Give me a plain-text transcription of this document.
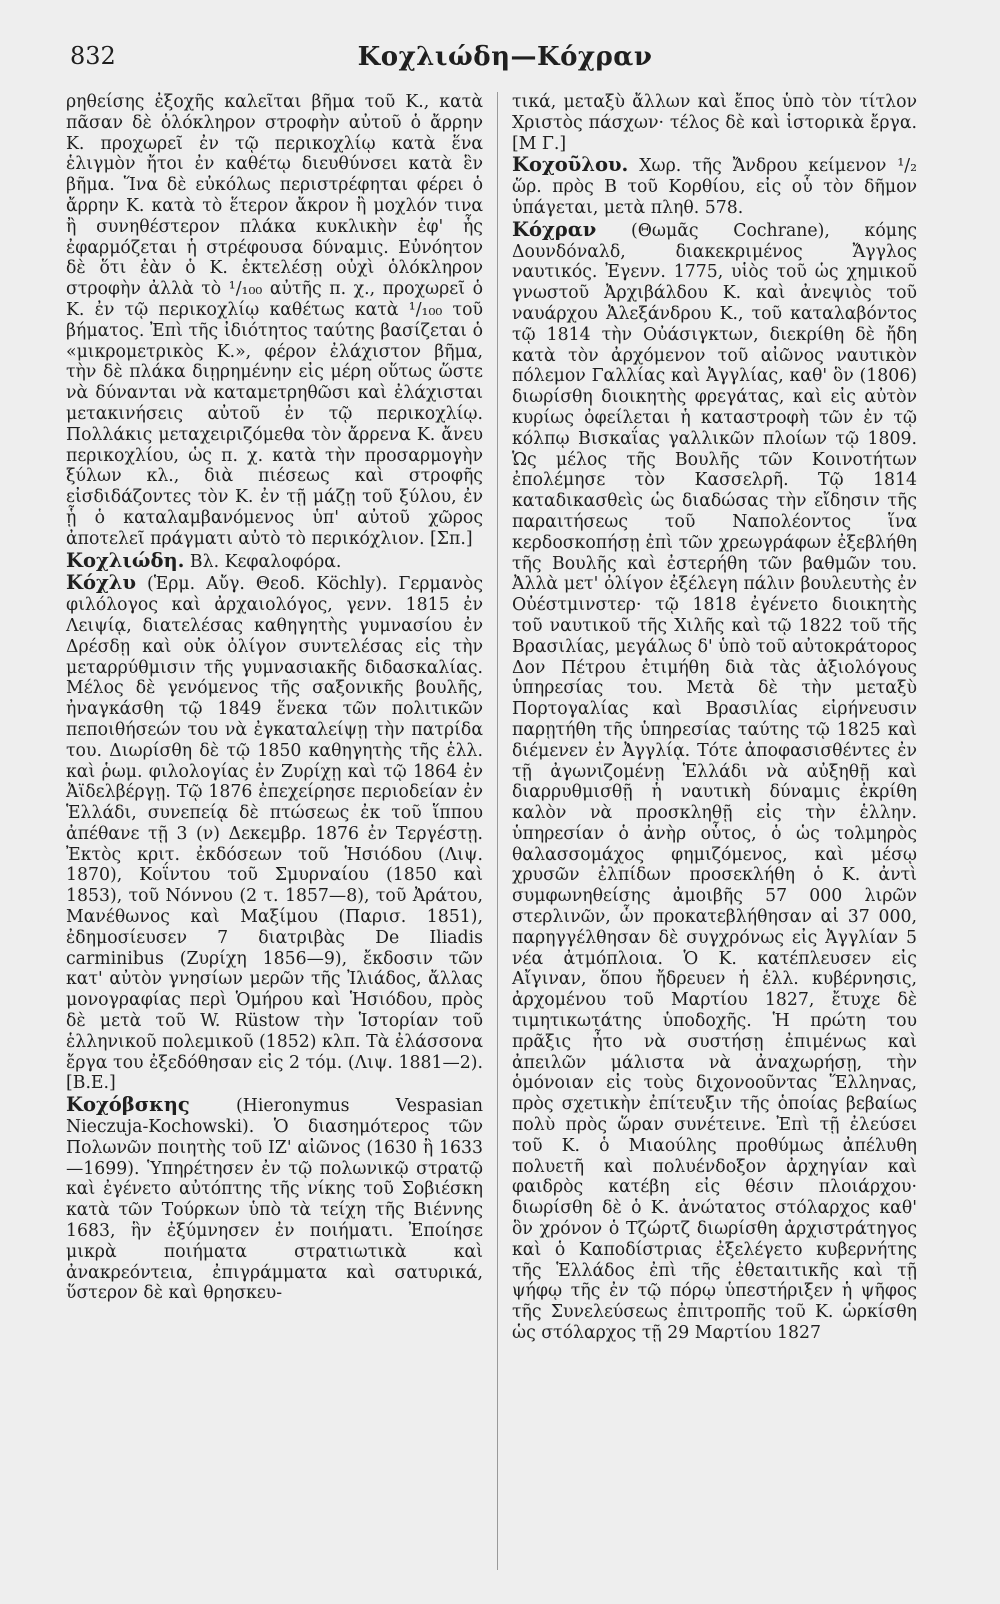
832	Κοχλιώδη—Κόχραν

ρηθείσης ἐξοχῆς καλεῖται βῆμα τοῦ Κ., κατὰ πᾶσαν δὲ ὁλόκληρον στροφὴν αὐτοῦ ὁ ἄρρην Κ. προχωρεῖ ἐν τῷ περικοχλίῳ κατὰ ἕνα ἑλιγμὸν ἤτοι ἐν καθέτῳ διευθύνσει κατὰ ἓν βῆμα. Ἵνα δὲ εὐκόλως περιστρέφηται φέρει ὁ ἄρρην Κ. κατὰ τὸ ἕτερον ἄκρον ἢ μοχλόν τινα ἢ συνηθέστερον πλάκα κυκλικὴν ἐφ' ἧς ἐφαρμόζεται ἡ στρέφουσα δύναμις. Εὐνόητον δὲ ὅτι ἐὰν ὁ Κ. ἐκτελέσῃ οὐχὶ ὁλόκληρον στροφὴν ἀλλὰ τὸ ¹/₁₀₀ αὐτῆς π. χ., προχωρεῖ ὁ Κ. ἐν τῷ περικοχλίῳ καθέτως κατὰ ¹/₁₀₀ τοῦ βήματος. Ἐπὶ τῆς ἰδιότητος ταύτης βασίζεται ὁ «μικρομετρικὸς Κ.», φέρον ἐλάχιστον βῆμα, τὴν δὲ πλάκα διῃρημένην εἰς μέρη οὕτως ὥστε νὰ δύνανται νὰ καταμετρηθῶσι καὶ ἐλάχισται μετακινήσεις αὐτοῦ ἐν τῷ περικοχλίῳ. Πολλάκις μεταχειριζόμεθα τὸν ἄρρενα Κ. ἄνευ περικοχλίου, ὡς π. χ. κατὰ τὴν προσαρμογὴν ξύλων κλ., διὰ πιέσεως καὶ στροφῆς εἰσδιδάζοντες τὸν Κ. ἐν τῇ μάζῃ τοῦ ξύλου, ἐν ᾗ ὁ καταλαμβανόμενος ὑπ' αὐτοῦ χῶρος ἀποτελεῖ πράγματι αὐτὸ τὸ περικόχλιον. [Σπ.]

Κοχλιώδη. Βλ. Κεφαλοφόρα.

Κόχλυ (Ἑρμ. Αὔγ. Θεοδ. Köchly). Γερμανὸς φιλόλογος καὶ ἀρχαιολόγος, γενν. 1815 ἐν Λειψίᾳ, διατελέσας καθηγητὴς γυμνασίου ἐν Δρέσδῃ καὶ οὐκ ὀλίγον συντελέσας εἰς τὴν μεταρρύθμισιν τῆς γυμνασιακῆς διδασκαλίας. Μέλος δὲ γενόμενος τῆς σαξονικῆς βουλῆς, ἠναγκάσθη τῷ 1849 ἕνεκα τῶν πολιτικῶν πεποιθήσεών του νὰ ἐγκαταλείψῃ τὴν πατρίδα του. Διωρίσθη δὲ τῷ 1850 καθηγητὴς τῆς ἑλλ. καὶ ῥωμ. φιλολογίας ἐν Ζυρίχῃ καὶ τῷ 1864 ἐν Ἀϊδελβέργῃ. Τῷ 1876 ἐπεχείρησε περιοδείαν ἐν Ἑλλάδι, συνεπείᾳ δὲ πτώσεως ἐκ τοῦ ἵππου ἀπέθανε τῇ 3 (ν) Δεκεμβρ. 1876 ἐν Τεργέστῃ. Ἐκτὸς κριτ. ἐκδόσεων τοῦ Ἡσιόδου (Λιψ. 1870), Κοΐντου τοῦ Σμυρναίου (1850 καὶ 1853), τοῦ Νόννου (2 τ. 1857—8), τοῦ Ἀράτου, Μανέθωνος καὶ Μαξίμου (Παρισ. 1851), ἐδημοσίευσεν 7 διατριβὰς De Iliadis carminibus (Ζυρίχη 1856—9), ἔκδοσιν τῶν κατ' αὐτὸν γνησίων μερῶν τῆς Ἰλιάδος, ἄλλας μονογραφίας περὶ Ὁμήρου καὶ Ἡσιόδου, πρὸς δὲ μετὰ τοῦ W. Rüstow τὴν Ἱστορίαν τοῦ ἑλληνικοῦ πολεμικοῦ (1852) κλπ. Τὰ ἐλάσσονα ἔργα του ἐξεδόθησαν εἰς 2 τόμ. (Λιψ. 1881—2). [Β.Ε.]

Κοχόβσκης (Hieronymus Vespasian Nieczuja-Kochowski). Ὁ διασημότερος τῶν Πολωνῶν ποιητὴς τοῦ ΙΖ' αἰῶνος (1630 ἢ 1633—1699). Ὑπηρέτησεν ἐν τῷ πολωνικῷ στρατῷ καὶ ἐγένετο αὐτόπτης τῆς νίκης τοῦ Σοβιέσκη κατὰ τῶν Τούρκων ὑπὸ τὰ τείχη τῆς Βιέννης 1683, ἣν ἐξύμνησεν ἐν ποιήματι. Ἐποίησε μικρὰ ποιήματα στρατιωτικὰ καὶ ἀνακρεόντεια, ἐπιγράμματα καὶ σατυρικά, ὕστερον δὲ καὶ θρησκευ-

τικά, μεταξὺ ἄλλων καὶ ἔπος ὑπὸ τὸν τίτλον Χριστὸς πάσχων· τέλος δὲ καὶ ἱστορικὰ ἔργα. [Μ Γ.]

Κοχοῦλου. Χωρ. τῆς Ἄνδρου κείμενον ¹/₂ ὥρ. πρὸς Β τοῦ Κορθίου, εἰς οὗ τὸν δῆμον ὑπάγεται, μετὰ πληθ. 578.

Κόχραν (Θωμᾶς Cochrane), κόμης Δουνδόναλδ, διακεκριμένος Ἄγγλος ναυτικός. Ἐγενν. 1775, υἱὸς τοῦ ὡς χημικοῦ γνωστοῦ Ἀρχιβάλδου Κ. καὶ ἀνεψιὸς τοῦ ναυάρχου Ἀλεξάνδρου Κ., τοῦ καταλαβόντος τῷ 1814 τὴν Οὐάσιγκτων, διεκρίθη δὲ ἤδη κατὰ τὸν ἀρχόμενον τοῦ αἰῶνος ναυτικὸν πόλεμον Γαλλίας καὶ Ἀγγλίας, καθ' ὃν (1806) διωρίσθη διοικητὴς φρεγάτας, καὶ εἰς αὐτὸν κυρίως ὀφείλεται ἡ καταστροφὴ τῶν ἐν τῷ κόλπῳ Βισκαΐας γαλλικῶν πλοίων τῷ 1809. Ὡς μέλος τῆς Βουλῆς τῶν Κοινοτήτων ἐπολέμησε τὸν Κασσελρῆ. Τῷ 1814 καταδικασθεὶς ὡς διαδώσας τὴν εἴδησιν τῆς παραιτήσεως τοῦ Ναπολέοντος ἵνα κερδοσκοπήσῃ ἐπὶ τῶν χρεωγράφων ἐξεβλήθη τῆς Βουλῆς καὶ ἐστερήθη τῶν βαθμῶν του. Ἀλλὰ μετ' ὀλίγον ἐξέλεγη πάλιν βουλευτὴς ἐν Οὐέστμινστερ· τῷ 1818 ἐγένετο διοικητὴς τοῦ ναυτικοῦ τῆς Χιλῆς καὶ τῷ 1822 τοῦ τῆς Βρασιλίας, μεγάλως δ' ὑπὸ τοῦ αὐτοκράτορος Δον Πέτρου ἐτιμήθη διὰ τὰς ἀξιολόγους ὑπηρεσίας του. Μετὰ δὲ τὴν μεταξὺ Πορτογαλίας καὶ Βρασιλίας εἰρήνευσιν παρῃτήθη τῆς ὑπηρεσίας ταύτης τῷ 1825 καὶ διέμενεν ἐν Ἀγγλίᾳ. Τότε ἀποφασισθέντες ἐν τῇ ἀγωνιζομένῃ Ἑλλάδι νὰ αὐξηθῇ καὶ διαρρυθμισθῇ ἡ ναυτικὴ δύναμις ἐκρίθη καλὸν νὰ προσκληθῇ εἰς τὴν ἑλλην. ὑπηρεσίαν ὁ ἀνὴρ οὗτος, ὁ ὡς τολμηρὸς θαλασσομάχος φημιζόμενος, καὶ μέσῳ χρυσῶν ἐλπίδων προσεκλήθη ὁ Κ. ἀντὶ συμφωνηθείσης ἀμοιβῆς 57 000 λιρῶν στερλινῶν, ὧν προκατεβλήθησαν αἱ 37 000, παρηγγέλθησαν δὲ συγχρόνως εἰς Ἀγγλίαν 5 νέα ἀτμόπλοια. Ὁ Κ. κατέπλευσεν εἰς Αἴγιναν, ὅπου ἤδρευεν ἡ ἑλλ. κυβέρνησις, ἀρχομένου τοῦ Μαρτίου 1827, ἔτυχε δὲ τιμητικωτάτης ὑποδοχῆς. Ἡ πρώτη του πρᾶξις ἦτο νὰ συστήσῃ ἐπιμένως καὶ ἀπειλῶν μάλιστα νὰ ἀναχωρήσῃ, τὴν ὁμόνοιαν εἰς τοὺς διχονοοῦντας Ἕλληνας, πρὸς σχετικὴν ἐπίτευξιν τῆς ὁποίας βεβαίως πολὺ πρὸς ὥραν συνέτεινε. Ἐπὶ τῇ ἐλεύσει τοῦ Κ. ὁ Μιαούλης προθύμως ἀπέλυθη πολυετῆ καὶ πολυένδοξον ἀρχηγίαν καὶ φαιδρὸς κατέβη εἰς θέσιν πλοιάρχου· διωρίσθη δὲ ὁ Κ. ἀνώτατος στόλαρχος καθ' ὃν χρόνον ὁ Τζώρτζ διωρίσθη ἀρχιστράτηγος καὶ ὁ Καποδίστριας ἐξελέγετο κυβερνήτης τῆς Ἑλλάδος ἐπὶ τῆς ἐθεταιτικῆς καὶ τῇ ψήφῳ τῆς ἐν τῷ πόρῳ ὑπεστήριξεν ἡ ψῆφος τῆς Συνελεύσεως ἐπιτροπῆς τοῦ Κ. ὡρκίσθη ὡς στόλαρχος τῇ 29 Μαρτίου 1827
